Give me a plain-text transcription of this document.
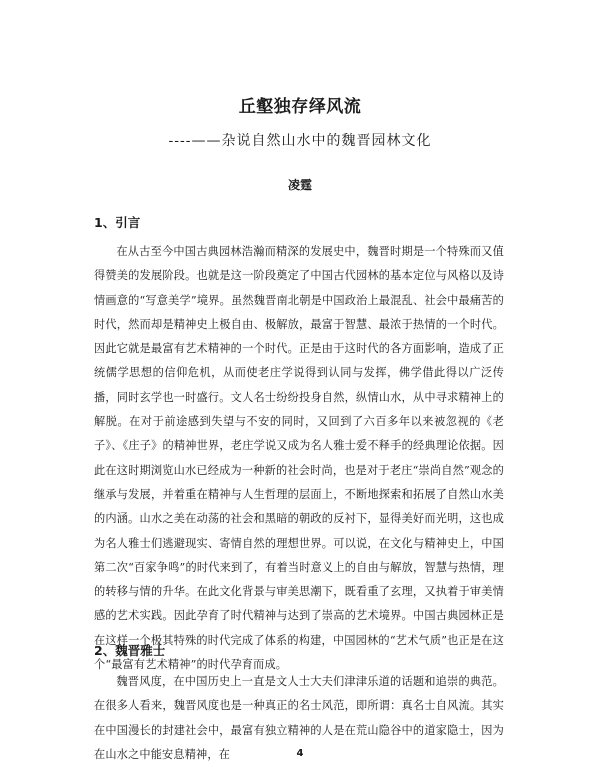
丘壑独存绎风流
----——杂说自然山水中的魏晋园林文化
凌霆
1、引言

在从古至今中国古典园林浩瀚而精深的发展史中，魏晋时期是一个特殊而又值得赞美的发展阶段。也就是这一阶段奠定了中国古代园林的基本定位与风格以及诗情画意的“写意美学”境界。虽然魏晋南北朝是中国政治上最混乱、社会中最痛苦的时代，然而却是精神史上极自由、极解放，最富于智慧、最浓于热情的一个时代。因此它就是最富有艺术精神的一个时代。正是由于这时代的各方面影响，造成了正统儒学思想的信仰危机，从而使老庄学说得到认同与发挥，佛学借此得以广泛传播，同时玄学也一时盛行。文人名士纷纷投身自然，纵情山水，从中寻求精神上的解脱。在对于前途感到失望与不安的同时，又回到了六百多年以来被忽视的《老子》、《庄子》的精神世界，老庄学说又成为名人雅士爱不释手的经典理论依据。因此在这时期浏览山水已经成为一种新的社会时尚，也是对于老庄“崇尚自然”观念的继承与发展，并着重在精神与人生哲理的层面上，不断地探索和拓展了自然山水美的内涵。山水之美在动荡的社会和黑暗的朝政的反衬下，显得美好而光明，这也成为名人雅士们逃避现实、寄情自然的理想世界。可以说，在文化与精神史上，中国第二次“百家争鸣”的时代来到了，有着当时意义上的自由与解放，智慧与热情，理的转移与情的升华。在此文化背景与审美思潮下，既看重了玄理，又执着于审美情感的艺术实践。因此孕育了时代精神与达到了崇高的艺术境界。中国古典园林正是在这样一个极其特殊的时代完成了体系的构建，中国园林的“艺术气质”也正是在这个“最富有艺术精神”的时代孕育而成。

2、魏晋雅士

魏晋风度，在中国历史上一直是文人士大夫们津津乐道的话题和追崇的典范。在很多人看来，魏晋风度也是一种真正的名士风范，即所谓：真名士自风流。其实在中国漫长的封建社会中，最富有独立精神的人是在荒山隐谷中的道家隐士，因为在山水之中能安息精神，在	4
